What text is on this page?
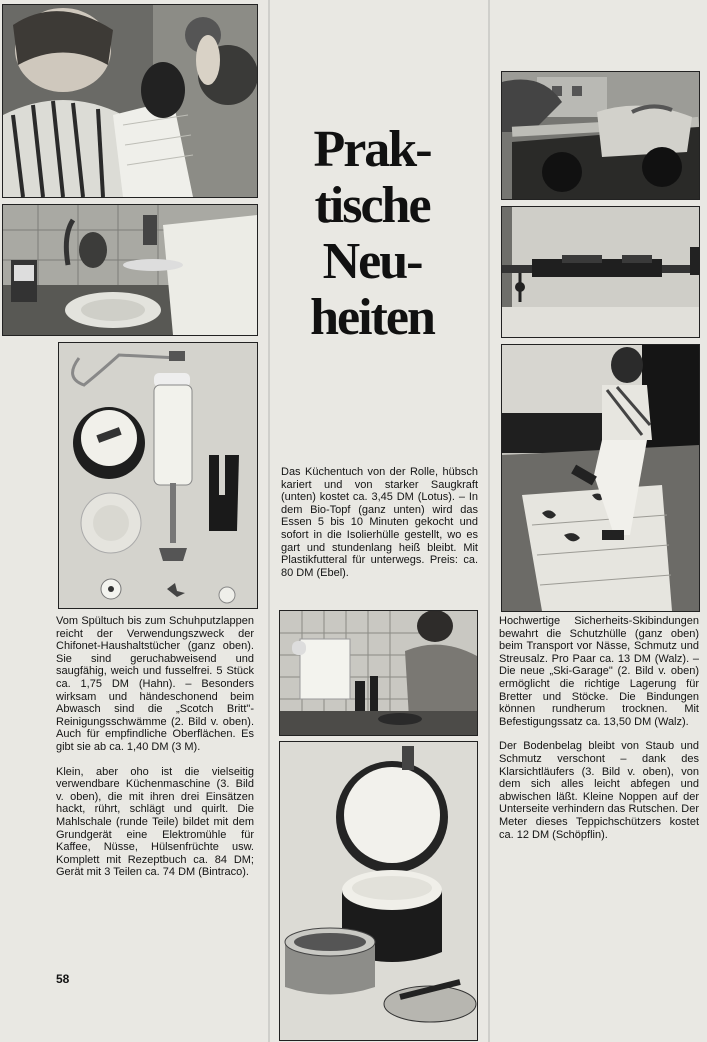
Prak-
tische
Neu-
heiten

Vom Spültuch bis zum Schuhputzlappen reicht der Verwendungszweck der Chifonet-Haushaltstücher (ganz oben). Sie sind geruchabweisend und saugfähig, weich und fusselfrei. 5 Stück ca. 1,75 DM (Hahn). – Besonders wirksam und händeschonend beim Abwasch sind die „Scotch Britt"-Reinigungsschwämme (2. Bild v. oben). Auch für empfindliche Oberflächen. Es gibt sie ab ca. 1,40 DM (3 M).

Klein, aber oho ist die vielseitig verwendbare Küchenmaschine (3. Bild v. oben), die mit ihren drei Einsätzen hackt, rührt, schlägt und quirlt. Die Mahlschale (runde Teile) bildet mit dem Grundgerät eine Elektromühle für Kaffee, Nüsse, Hülsenfrüchte usw. Komplett mit Rezeptbuch ca. 84 DM; Gerät mit 3 Teilen ca. 74 DM (Bintraco).

Das Küchentuch von der Rolle, hübsch kariert und von starker Saugkraft (unten) kostet ca. 3,45 DM (Lotus). – In dem Bio-Topf (ganz unten) wird das Essen 5 bis 10 Minuten gekocht und sofort in die Isolierhülle gestellt, wo es gart und stundenlang heiß bleibt. Mit Plastikfutteral für unterwegs. Preis: ca. 80 DM (Ebel).

Hochwertige Sicherheits-Skibindungen bewahrt die Schutzhülle (ganz oben) beim Transport vor Nässe, Schmutz und Streusalz. Pro Paar ca. 13 DM (Walz). – Die neue „Ski-Garage" (2. Bild v. oben) ermöglicht die richtige Lagerung für Bretter und Stöcke. Die Bindungen können rundherum trocknen. Mit Befestigungssatz ca. 13,50 DM (Walz).

Der Bodenbelag bleibt von Staub und Schmutz verschont – dank des Klarsichtläufers (3. Bild v. oben), von dem sich alles leicht abfegen und abwischen läßt. Kleine Noppen auf der Unterseite verhindern das Rutschen. Der Meter dieses Teppichschützers kostet ca. 12 DM (Schöpflin).

58
